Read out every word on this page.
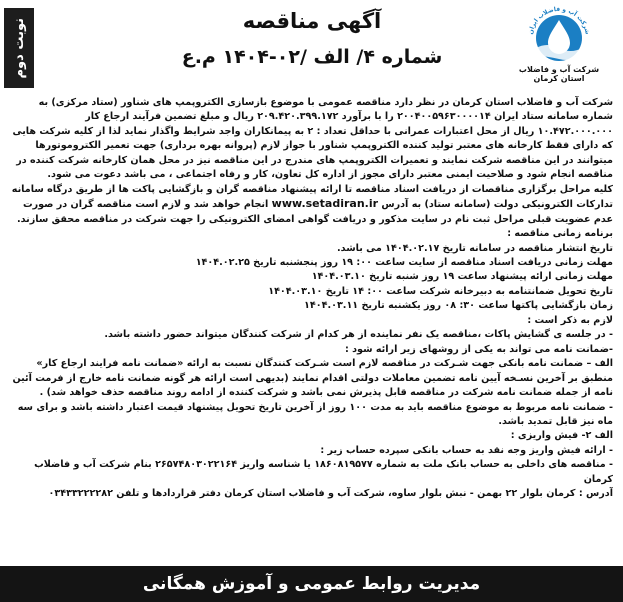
نوبت دوم	آگهی مناقصه
شماره ۴/ الف /۰۲-۱۴۰۴ م.ع
شرکت آب و فاضلاب ایران
شرکت آب و فاضلاب استان کرمان

شرکت آب و فاضلاب استان کرمان در نظر دارد مناقصه عمومی با موضوع بازسازی الکتروپمپ های شناور (ستاد مرکزی) به شماره سامانه ستاد ایران ۲۰۰۴۰۰۵۹۶۳۰۰۰۰۱۴ را با برآورد ۲۰۹.۴۲۰.۳۹۹.۱۷۲ ریال و مبلغ تضمین فرآیند ارجاع کار ۱۰.۴۷۲.۰۰۰.۰۰۰ ریال از محل اعتبارات عمرانی با حداقل تعداد : ۲ به پیمانکاران واجد شرایط واگذار نماید لذا از کلیه شرکت هایی که دارای فقط کارخانه های معتبر تولید کننده الکتروپمپ شناور با جواز لازم (پروانه بهره برداری) جهت تعمیر الکتروموتورها میتوانند در این مناقصه شرکت نمایند و تعمیرات الکتروپمپ های مندرج در این مناقصه نیز در محل همان کارخانه شرکت کننده در مناقصه انجام شود و صلاحیت ایمنی معتبر دارای مجوز از اداره کل تعاون، کار و رفاه اجتماعی ، می باشد دعوت می شود.

کلیه مراحل برگزاری مناقصات از دریافت اسناد مناقصه تا ارائه پیشنهاد مناقصه گران و بازگشایی پاکت ها از طریق درگاه سامانه تدارکات الکترونیکی دولت (سامانه ستاد) به آدرس www.setadiran.ir انجام خواهد شد و لازم است مناقصه گران در صورت عدم عضویت قبلی مراحل ثبت نام در سایت مذکور و دریافت گواهی امضای الکترونیکی را جهت شرکت در مناقصه محقق سازند.

برنامه زمانی مناقصه :

تاریخ انتشار مناقصه در سامانه تاریخ ۱۴۰۴.۰۲.۱۷ می باشد.

مهلت زمانی دریافت اسناد مناقصه از سایت ساعت ۰۰: ۱۹ روز پنجشنبه تاریخ ۱۴۰۴.۰۲.۲۵

مهلت زمانی ارائه پیشنهاد ساعت ۱۹ روز شنبه تاریخ ۱۴۰۴.۰۳.۱۰

تاریخ تحویل ضمانتنامه به دبیرخانه شرکت ساعت ۰۰: ۱۴ تاریخ ۱۴۰۴.۰۳.۱۰

زمان بازگشایی پاکتها ساعت ۳۰: ۰۸ روز یکشنبه تاریخ ۱۴۰۴.۰۳.۱۱

لازم به ذکر است :

- در جلسه ی گشایش پاکات ،مناقصه یک نفر نماینده از هر کدام از شرکت کنندگان میتواند حضور داشته باشد.

-ضمانت نامه می تواند به یکی از روشهای زیر ارائه شود :

الف – ضمانت نامه بانکی جهت شـرکت در مناقصه لازم است شـرکت کنندگان نسبت به ارائه «ضمانت نامه فرایند ارجاع کار» منطبق بر آخرین نسـخه آیین نامه تضمین معاملات دولتی اقدام نمایند (بدیهی است ارائه هر گونه ضمانت نامه خارج از فرمت آئین نامه از جمله ضمانت نامه شرکت در مناقصه قابل پذیرش نمی باشد و شرکت کننده از ادامه روند مناقصه حذف خواهد شد) .

- ضمانت نامه مربوط به موضوع مناقصه باید به مدت ۱۰۰ روز از آخرین تاریخ تحویل پیشنهاد قیمت اعتبار داشته باشد و برای سه ماه نیز قابل تمدید باشد.

الف ۲- فیش واریزی :

- ارائه فیش واریز وجه نقد به حساب بانکی سپرده حساب زیر :

- مناقصه های داخلی به حساب بانک ملت به شماره ۱۸۶۰۸۱۹۵۷۷ یا شناسه واریز ۲۶۵۷۴۸۰۳۰۲۲۱۶۴ بنام شرکت آب و فاضلاب کرمان

آدرس : کرمان بلوار ۲۲ بهمن - نبش بلوار ساوه، شرکت آب و فاضلاب استان کرمان دفتر قراردادها و تلفن ۰۳۴۳۳۲۲۲۲۸۲

مدیریت روابط عمومی و آموزش همگانی
